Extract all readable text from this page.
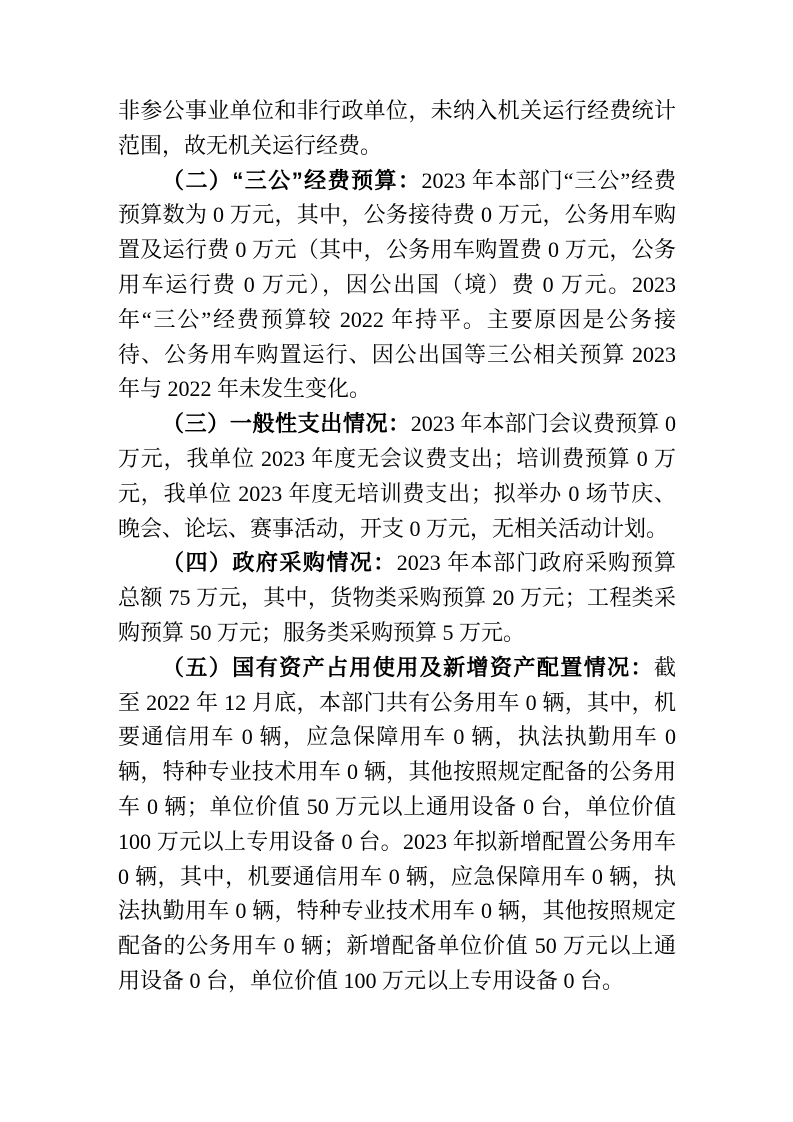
非参公事业单位和非行政单位，未纳入机关运行经费统计范围，故无机关运行经费。

（二）“三公”经费预算：2023 年本部门“三公”经费预算数为 0 万元，其中，公务接待费 0 万元，公务用车购置及运行费 0 万元（其中，公务用车购置费 0 万元，公务用车运行费 0 万元），因公出国（境）费 0 万元。2023 年“三公”经费预算较 2022 年持平。主要原因是公务接待、公务用车购置运行、因公出国等三公相关预算 2023 年与 2022 年未发生变化。

（三）一般性支出情况：2023 年本部门会议费预算 0 万元，我单位 2023 年度无会议费支出；培训费预算 0 万元，我单位 2023 年度无培训费支出；拟举办 0 场节庆、晚会、论坛、赛事活动，开支 0 万元，无相关活动计划。

（四）政府采购情况：2023 年本部门政府采购预算总额 75 万元，其中，货物类采购预算 20 万元；工程类采购预算 50 万元；服务类采购预算 5 万元。

（五）国有资产占用使用及新增资产配置情况：截至 2022 年 12 月底，本部门共有公务用车 0 辆，其中，机要通信用车 0 辆，应急保障用车 0 辆，执法执勤用车 0 辆，特种专业技术用车 0 辆，其他按照规定配备的公务用车 0 辆；单位价值 50 万元以上通用设备 0 台，单位价值 100 万元以上专用设备 0 台。2023 年拟新增配置公务用车 0 辆，其中，机要通信用车 0 辆，应急保障用车 0 辆，执法执勤用车 0 辆，特种专业技术用车 0 辆，其他按照规定配备的公务用车 0 辆；新增配备单位价值 50 万元以上通用设备 0 台，单位价值 100 万元以上专用设备 0 台。
